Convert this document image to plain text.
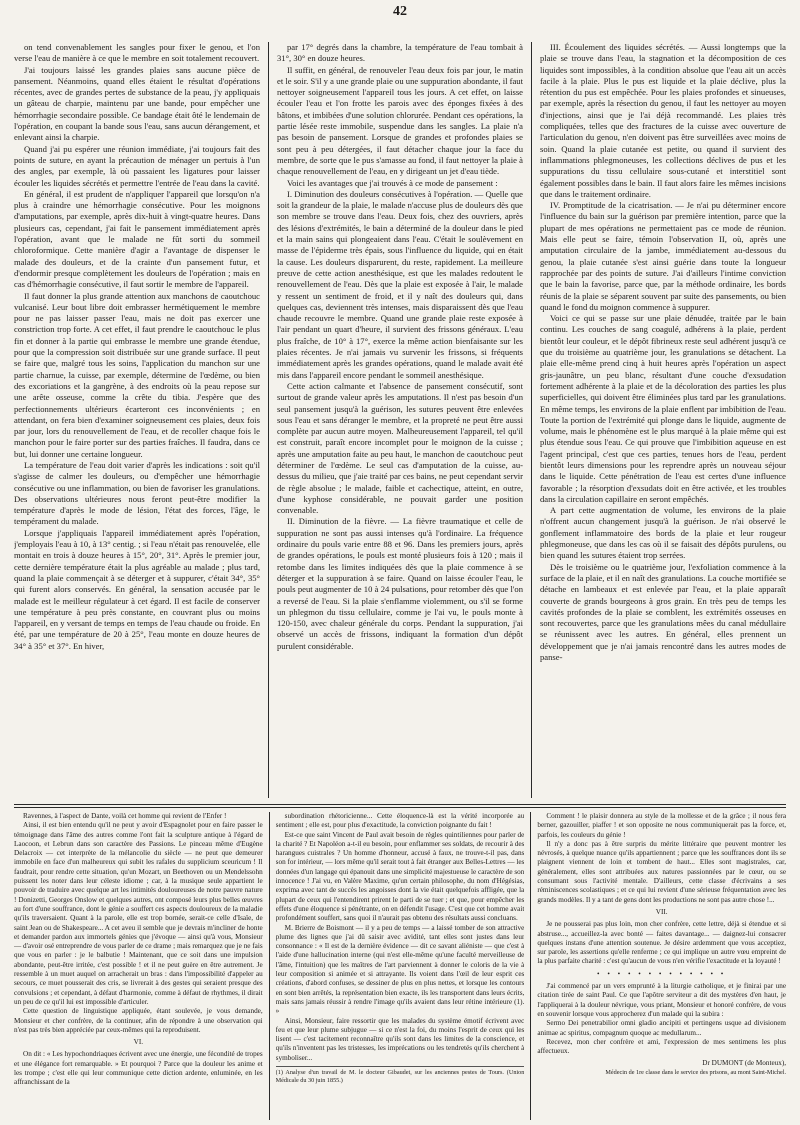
42

on tend convenablement les sangles pour fixer le genou, et l'on verse l'eau de manière à ce que le membre en soit totalement recouvert.

J'ai toujours laissé les grandes plaies sans aucune pièce de pansement. Néanmoins, quand elles étaient le résultat d'opérations récentes, avec de grandes pertes de substance de la peau, j'y appliquais un gâteau de charpie, maintenu par une bande, pour empêcher une hémorrhagie secondaire possible. Ce bandage était ôté le lendemain de l'opération, en coupant la bande sous l'eau, sans aucun dérangement, et enlevant ainsi la charpie.

Quand j'ai pu espérer une réunion immédiate, j'ai toujours fait des points de suture, en ayant la précaution de ménager un pertuis à l'un des angles, par exemple, là où passaient les ligatures pour laisser écouler les liquides sécrétés et permettre l'entrée de l'eau dans la cavité.

En général, il est prudent de n'appliquer l'appareil que lorsqu'on n'a plus à craindre une hémorrhagie consécutive. Pour les moignons d'amputations, par exemple, après dix-huit à vingt-quatre heures. Dans plusieurs cas, cependant, j'ai fait le pansement immédiatement après l'opération, avant que le malade ne fût sorti du sommeil chloroformique. Cette manière d'agir a l'avantage de dispenser le malade des douleurs, et de la crainte d'un pansement futur, et d'endormir presque complètement les douleurs de l'opération ; mais en cas d'hémorrhagie consécutive, il faut sortir le membre de l'appareil.

Il faut donner la plus grande attention aux manchons de caoutchouc vulcanisé. Leur bout libre doit embrasser hermétiquement le membre pour ne pas laisser passer l'eau, mais ne doit pas exercer une constriction trop forte. A cet effet, il faut prendre le caoutchouc le plus fin et donner à la partie qui embrasse le membre une grande étendue, pour que la compression soit distribuée sur une grande surface. Il peut se faire que, malgré tous les soins, l'application du manchon sur une partie charnue, la cuisse, par exemple, détermine de l'œdème, ou bien des excoriations et la gangrène, à des endroits où la peau repose sur une arête osseuse, comme la crête du tibia. J'espère que des perfectionnements ultérieurs écarteront ces inconvénients ; en attendant, on fera bien d'examiner soigneusement ces plaies, deux fois par jour, lors du renouvellement de l'eau, et de recoller chaque fois le manchon pour le faire porter sur des parties fraîches. Il faudra, dans ce but, lui donner une certaine longueur.

La température de l'eau doit varier d'après les indications : soit qu'il s'agisse de calmer les douleurs, ou d'empêcher une hémorrhagie consécutive ou une inflammation, ou bien de favoriser les granulations. Des observations ultérieures nous feront peut-être modifier la température d'après le mode de lésion, l'état des forces, l'âge, le tempérament du malade.

Lorsque j'appliquais l'appareil immédiatement après l'opération, j'employais l'eau à 10, à 13° centig. ; si l'eau n'était pas renouvelée, elle montait en trois à douze heures à 15°, 20°, 31°. Après le premier jour, cette dernière température était la plus agréable au malade ; plus tard, quand la plaie commençait à se déterger et à suppurer, c'était 34°, 35° qui furent alors conservés. En général, la sensation accusée par le malade est le meilleur régulateur à cet égard. Il est facile de conserver une température à peu près constante, en couvrant plus ou moins l'appareil, en y versant de temps en temps de l'eau chaude ou froide. En été, par une température de 20 à 25°, l'eau monte en douze heures de 34° à 35° et 37°. En hiver,

par 17° degrés dans la chambre, la température de l'eau tombait à 31°, 30° en douze heures.

Il suffit, en général, de renouveler l'eau deux fois par jour, le matin et le soir. S'il y a une grande plaie ou une suppuration abondante, il faut nettoyer soigneusement l'appareil tous les jours. A cet effet, on laisse écouler l'eau et l'on frotte les parois avec des éponges fixées à des bâtons, et imbibées d'une solution chlorurée. Pendant ces opérations, la partie lésée reste immobile, suspendue dans les sangles. La plaie n'a pas besoin de pansement. Lorsque de grandes et profondes plaies se sont peu à peu détergées, il faut détacher chaque jour la face du membre, de sorte que le pus s'amasse au fond, il faut nettoyer la plaie à chaque renouvellement de l'eau, en y dirigeant un jet d'eau tiède.

Voici les avantages que j'ai trouvés à ce mode de pansement :

I. Diminution des douleurs consécutives à l'opération. — Quelle que soit la grandeur de la plaie, le malade n'accuse plus de douleurs dès que son membre se trouve dans l'eau. Deux fois, chez des ouvriers, après des lésions d'extrémités, le bain a déterminé de la douleur dans le pied et la main sains qui plongeaient dans l'eau. C'était le soulèvement en masse de l'épiderme très épais, sous l'influence du liquide, qui en était la cause. Les douleurs disparurent, du reste, rapidement. La meilleure preuve de cette action anesthésique, est que les malades redoutent le renouvellement de l'eau. Dès que la plaie est exposée à l'air, le malade y ressent un sentiment de froid, et il y naît des douleurs qui, dans quelques cas, deviennent très intenses, mais disparaissent dès que l'eau chaude recouvre le membre. Quand une grande plaie reste exposée à l'air pendant un quart d'heure, il survient des frissons généraux. L'eau plus fraîche, de 10° à 17°, exerce la même action bienfaisante sur les plaies récentes. Je n'ai jamais vu survenir les frissons, si fréquents immédiatement après les grandes opérations, quand le malade avait été mis dans l'appareil encore pendant le sommeil anesthésique.

Cette action calmante et l'absence de pansement consécutif, sont surtout de grande valeur après les amputations. Il n'est pas besoin d'un seul pansement jusqu'à la guérison, les sutures peuvent être enlevées sous l'eau et sans déranger le membre, et la propreté ne peut être aussi complète par aucun autre moyen. Malheureusement l'appareil, tel qu'il est construit, paraît encore incomplet pour le moignon de la cuisse ; après une amputation faite au peu haut, le manchon de caoutchouc peut déterminer de l'œdème. Le seul cas d'amputation de la cuisse, au-dessus du milieu, que j'aie traité par ces bains, ne peut cependant servir de règle absolue ; le malade, faible et cachectique, atteint, en outre, d'une kyphose considérable, ne pouvait garder une position convenable.

II. Diminution de la fièvre. — La fièvre traumatique et celle de suppuration ne sont pas aussi intenses qu'à l'ordinaire. La fréquence ordinaire du pouls varie entre 88 et 96. Dans les premiers jours, après de grandes opérations, le pouls est monté plusieurs fois à 120 ; mais il retombe dans les limites indiquées dès que la plaie commence à se déterger et la suppuration à se faire. Quand on laisse écouler l'eau, le pouls peut augmenter de 10 à 24 pulsations, pour retomber dès que l'on a reversé de l'eau. Si la plaie s'enflamme violemment, ou s'il se forme un phlegmon du tissu cellulaire, comme je l'ai vu, le pouls monte à 120-150, avec chaleur générale du corps. Pendant la suppuration, j'ai observé un accès de frissons, indiquant la formation d'un dépôt purulent considérable.

III. Écoulement des liquides sécrétés. — Aussi longtemps que la plaie se trouve dans l'eau, la stagnation et la décomposition de ces liquides sont impossibles, à la condition absolue que l'eau ait un accès facile à la plaie. Plus le pus est liquide et la plaie déclive, plus la rétention du pus est empêchée. Pour les plaies profondes et sinueuses, par exemple, après la résection du genou, il faut les nettoyer au moyen d'injections, ainsi que je l'ai déjà recommandé. Les plaies très compliquées, telles que des fractures de la cuisse avec ouverture de l'articulation du genou, n'en doivent pas être surveillées avec moins de soin. Quand la plaie cutanée est petite, ou quand il survient des inflammations phlegmoneuses, les collections déclives de pus et les suppurations du tissu cellulaire sous-cutané et interstitiel sont également possibles dans le bain. Il faut alors faire les mêmes incisions que dans le traitement ordinaire.

IV. Promptitude de la cicatrisation. — Je n'ai pu déterminer encore l'influence du bain sur la guérison par première intention, parce que la plupart de mes opérations ne permettaient pas ce mode de réunion. Mais elle peut se faire, témoin l'observation II, où, après une amputation circulaire de la jambe, immédiatement au-dessous du genou, la plaie cutanée s'est ainsi guérie dans toute la longueur rapprochée par des points de suture. J'ai d'ailleurs l'intime conviction que le bain la favorise, parce que, par la méthode ordinaire, les bords réunis de la plaie se séparent souvent par suite des pansements, ou bien quand le fond du moignon commence à suppurer.

Voici ce qui se passe sur une plaie dénudée, traitée par le bain continu. Les couches de sang coagulé, adhérens à la plaie, perdent bientôt leur couleur, et le dépôt fibrineux reste seul adhérent jusqu'à ce que du troisième au quatrième jour, les granulations se détachent. La plaie elle-même prend cinq à huit heures après l'opération un aspect gris-jaunâtre, un peu blanc, résultant d'une couche d'exsudation fortement adhérente à la plaie et de la décoloration des parties les plus superficielles, qui doivent être éliminées plus tard par les granulations. En même temps, les environs de la plaie enflent par imbibition de l'eau. Toute la portion de l'extrémité qui plonge dans le liquide, augmente de volume, mais le phénomène est le plus marqué à la plaie même qui est plus étendue sous l'eau. Ce qui prouve que l'imbibition aqueuse en est l'agent principal, c'est que ces parties, tenues hors de l'eau, perdent bientôt leurs dimensions pour les reprendre après un nouveau séjour dans le liquide. Cette pénétration de l'eau est certes d'une influence favorable ; la résorption d'exsudats doit en être activée, et les troubles dans la circulation capillaire en seront empêchés.

A part cette augmentation de volume, les environs de la plaie n'offrent aucun changement jusqu'à la guérison. Je n'ai observé le gonflement inflammatoire des bords de la plaie et leur rougeur phlegmoneuse, que dans les cas où il se faisait des dépôts purulens, ou bien quand les sutures étaient trop serrées.

Dès le troisième ou le quatrième jour, l'exfoliation commence à la surface de la plaie, et il en naît des granulations. La couche mortifiée se détache en lambeaux et est enlevée par l'eau, et la plaie apparaît couverte de grands bourgeons à gros grain. En très peu de temps les cavités profondes de la plaie se comblent, les extrémités osseuses en sont recouvertes, parce que les granulations mêes du canal médullaire se réunissent avec les autres. En général, elles prennent un développement que je n'ai jamais rencontré dans les autres modes de panse-

Ravennes, à l'aspect de Dante, voilà cet homme qui revient de l'Enfer !

Ainsi, il est bien entendu qu'il ne peut y avoir d'Espagnolet pour en faire passer le témoignage dans l'âme des autres comme l'ont fait la sculpture antique à l'égard de Laocoon, et Lebrun dans son caractère des Passions. Le pinceau même d'Eugène Delacroix — cet interprète de la mélancolie du siècle — ne peut que demeurer immobile en face d'un malheureux qui subit les rafales du supplicium sceuricum ! Il faudrait, pour rendre cette situation, qu'un Mozart, un Beethoven ou un Mendelssohn puissent les noter dans leur céleste idiome ; car, à la musique seule appartient le pouvoir de traduire avec quelque art les intimités douloureuses de notre pauvre nature ! Donizetti, Georges Onslow et quelques autres, ont composé leurs plus belles œuvres au fort d'une souffrance, dont le génie a souffert ces aspects douloureux de la maladie qu'ils traversaient. Quant à la parole, elle est trop bornée, serait-ce celle d'Isaïe, de saint Jean ou de Shakespeare... A cet aveu il semble que je devrais m'incliner de honte et demander pardon aux immortels génies que j'évoque — ainsi qu'à vous, Monsieur — d'avoir osé entreprendre de vous parler de ce drame ; mais remarquez que je ne fais que vous en parler : je le balbutie ! Maintenant, que ce soit dans une impulsion abondante, peut-être irritée, c'est possible ! et il ne peut guère en être autrement. Je ressemble à un muet auquel on arracherait un bras : dans l'impossibilité d'appeler au secours, ce muet pousserait des cris, se livrerait à des gestes qui seraient presque des convulsions ; et cependant, à défaut d'harmonie, comme à défaut de rhythmes, il dirait un peu de ce qu'il lui est impossible d'articuler.

Cette question de linguistique appliquée, étant soulevée, je vous demande, Monsieur et cher confrère, de la continuer, afin de répondre à une observation qui n'est pas très bien appréciée par ceux-mêmes qui la reproduisent.

VI.

On dit : « Les hypochondriaques écrivent avec une énergie, une fécondité de tropes et une élégance fort remarquable. » Et pourquoi ? Parce que la douleur les anime et les trompe ; c'est elle qui leur communique cette diction ardente, enluminée, en les affranchissant de la

subordination rhétoricienne... Cette éloquence-là est la vérité incorporée au sentiment ; elle est, pour plus d'exactitude, la conviction poignante du fait !

Est-ce que saint Vincent de Paul avait besoin de règles quintiliennes pour parler de la charité ? Et Napoléon a-t-il eu besoin, pour enflammer ses soldats, de recourir à des harangues cuistrales ? Un homme d'honneur, accusé à faux, ne trouve-t-il pas, dans son for intérieur, — lors même qu'il serait tout à fait étranger aux Belles-Lettres — les données d'un langage qui épanouit dans une simplicité majestueuse le caractère de son innocence ! J'ai vu, en Valère Maxime, qu'un certain philosophe, du nom d'Hégésias, exprima avec tant de succès les angoisses dont la vie était quelquefois affligée, que la plupart de ceux qui l'entendirent prirent le parti de se tuer ; et que, pour empêcher les effets d'une éloquence si pénétrante, on en défendit l'usage. C'est que cet homme avait profondément souffert, sans quoi il n'aurait pas obtenu des résultats aussi concluans.

M. Brierre de Boismont — il y a peu de temps — a laissé tomber de son attractive plume des lignes que j'ai dû saisir avec avidité, tant elles sont justes dans leur consonnance : « Il est de la dernière évidence — dit ce savant aliéniste — que c'est à l'aide d'une hallucination interne (qui n'est elle-même qu'une faculté merveilleuse de l'âme, l'intuition) que les maîtres de l'art parviennent à donner le coloris de la vie à leur composition si animée et si attrayante. Ils voient dans l'œil de leur esprit ces créations, d'abord confuses, se dessiner de plus en plus nettes, et lorsque les contours en sont bien arrêtés, la représentation bien exacte, ils les transportent dans leurs écrits, mais sans jamais réussir à rendre l'image qu'ils avaient dans leur rétine intérieure (1). »

Ainsi, Monsieur, faire ressortir que les malades du système émotif écrivent avec feu et que leur plume subjugue — si ce n'est la foi, du moins l'esprit de ceux qui les lisent — c'est tacitement reconnaître qu'ils sont dans les limites de la conscience, et qu'ils n'inventent pas les tristesses, les imprécations ou les tendretés qu'ils cherchent à symboliser...

(1) Analyse d'un travail de M. le docteur Gibaudet, sur les anciennes pestes de Tours. (Union Médicale du 30 juin 1855.)

Comment ! le plaisir donnera au style de la mollesse et de la grâce ; il nous fera berner, gazouiller, piaffer ! et son opposite ne nous communiquerait pas la force, et, parfois, les couleurs du génie !

Il n'y a donc pas à être surpris du mérite littéraire que peuvent montrer les névrosés, à quelque nuance qu'ils appartiennent ; parce que les souffrances dont ils se plaignent viennent de loin et tombent de haut... Elles sont magistrales, car, généralement, elles sont attribuées aux natures passionnées par le cœur, ou se consumant sous l'activité mentale. D'ailleurs, cette classe d'écrivains a ses réminiscences scolastiques ; et ce qui lui revient d'une sérieuse fréquentation avec les grands modèles. Il y a tant de gens dont les productions ne sont pas autre chose !...

VII.

Je ne pousserai pas plus loin, mon cher confrère, cette lettre, déjà si étendue et si abstruse..., accueillez-la avec bonté — faites davantage... — daignez-lui consacrer quelques instans d'une attention soutenue. Je désire ardemment que vous acceptiez, sur parole, les assertions qu'elle renferme ; ce qui implique un autre vœu empreint de la plus parfaite charité : c'est qu'aucun de vous n'en vérifie l'exactitude et la loyauté !

• • • • • • • • • • • • •

J'ai commencé par un vers emprunté à la liturgie catholique, et je finirai par une citation tirée de saint Paul. Ce que l'apôtre serviteur a dit des mystères d'en haut, je l'appliquerai à la douleur névrique, vous priant, Monsieur et honoré confrère, de vous en souvenir lorsque vous approcherez d'un malade qui la subira :

Sermo Dei penetrabilior omni gladio ancipiti et pertingens usque ad divisionem animae ac spiritus, compagnum quoque ac medullarum...

Recevez, mon cher confrère et ami, l'expression de mes sentimens les plus affectueux.

Dr DUMONT (de Monteux),

Médecin de 1re classe dans le service des prisons, au mont Saint-Michel.
